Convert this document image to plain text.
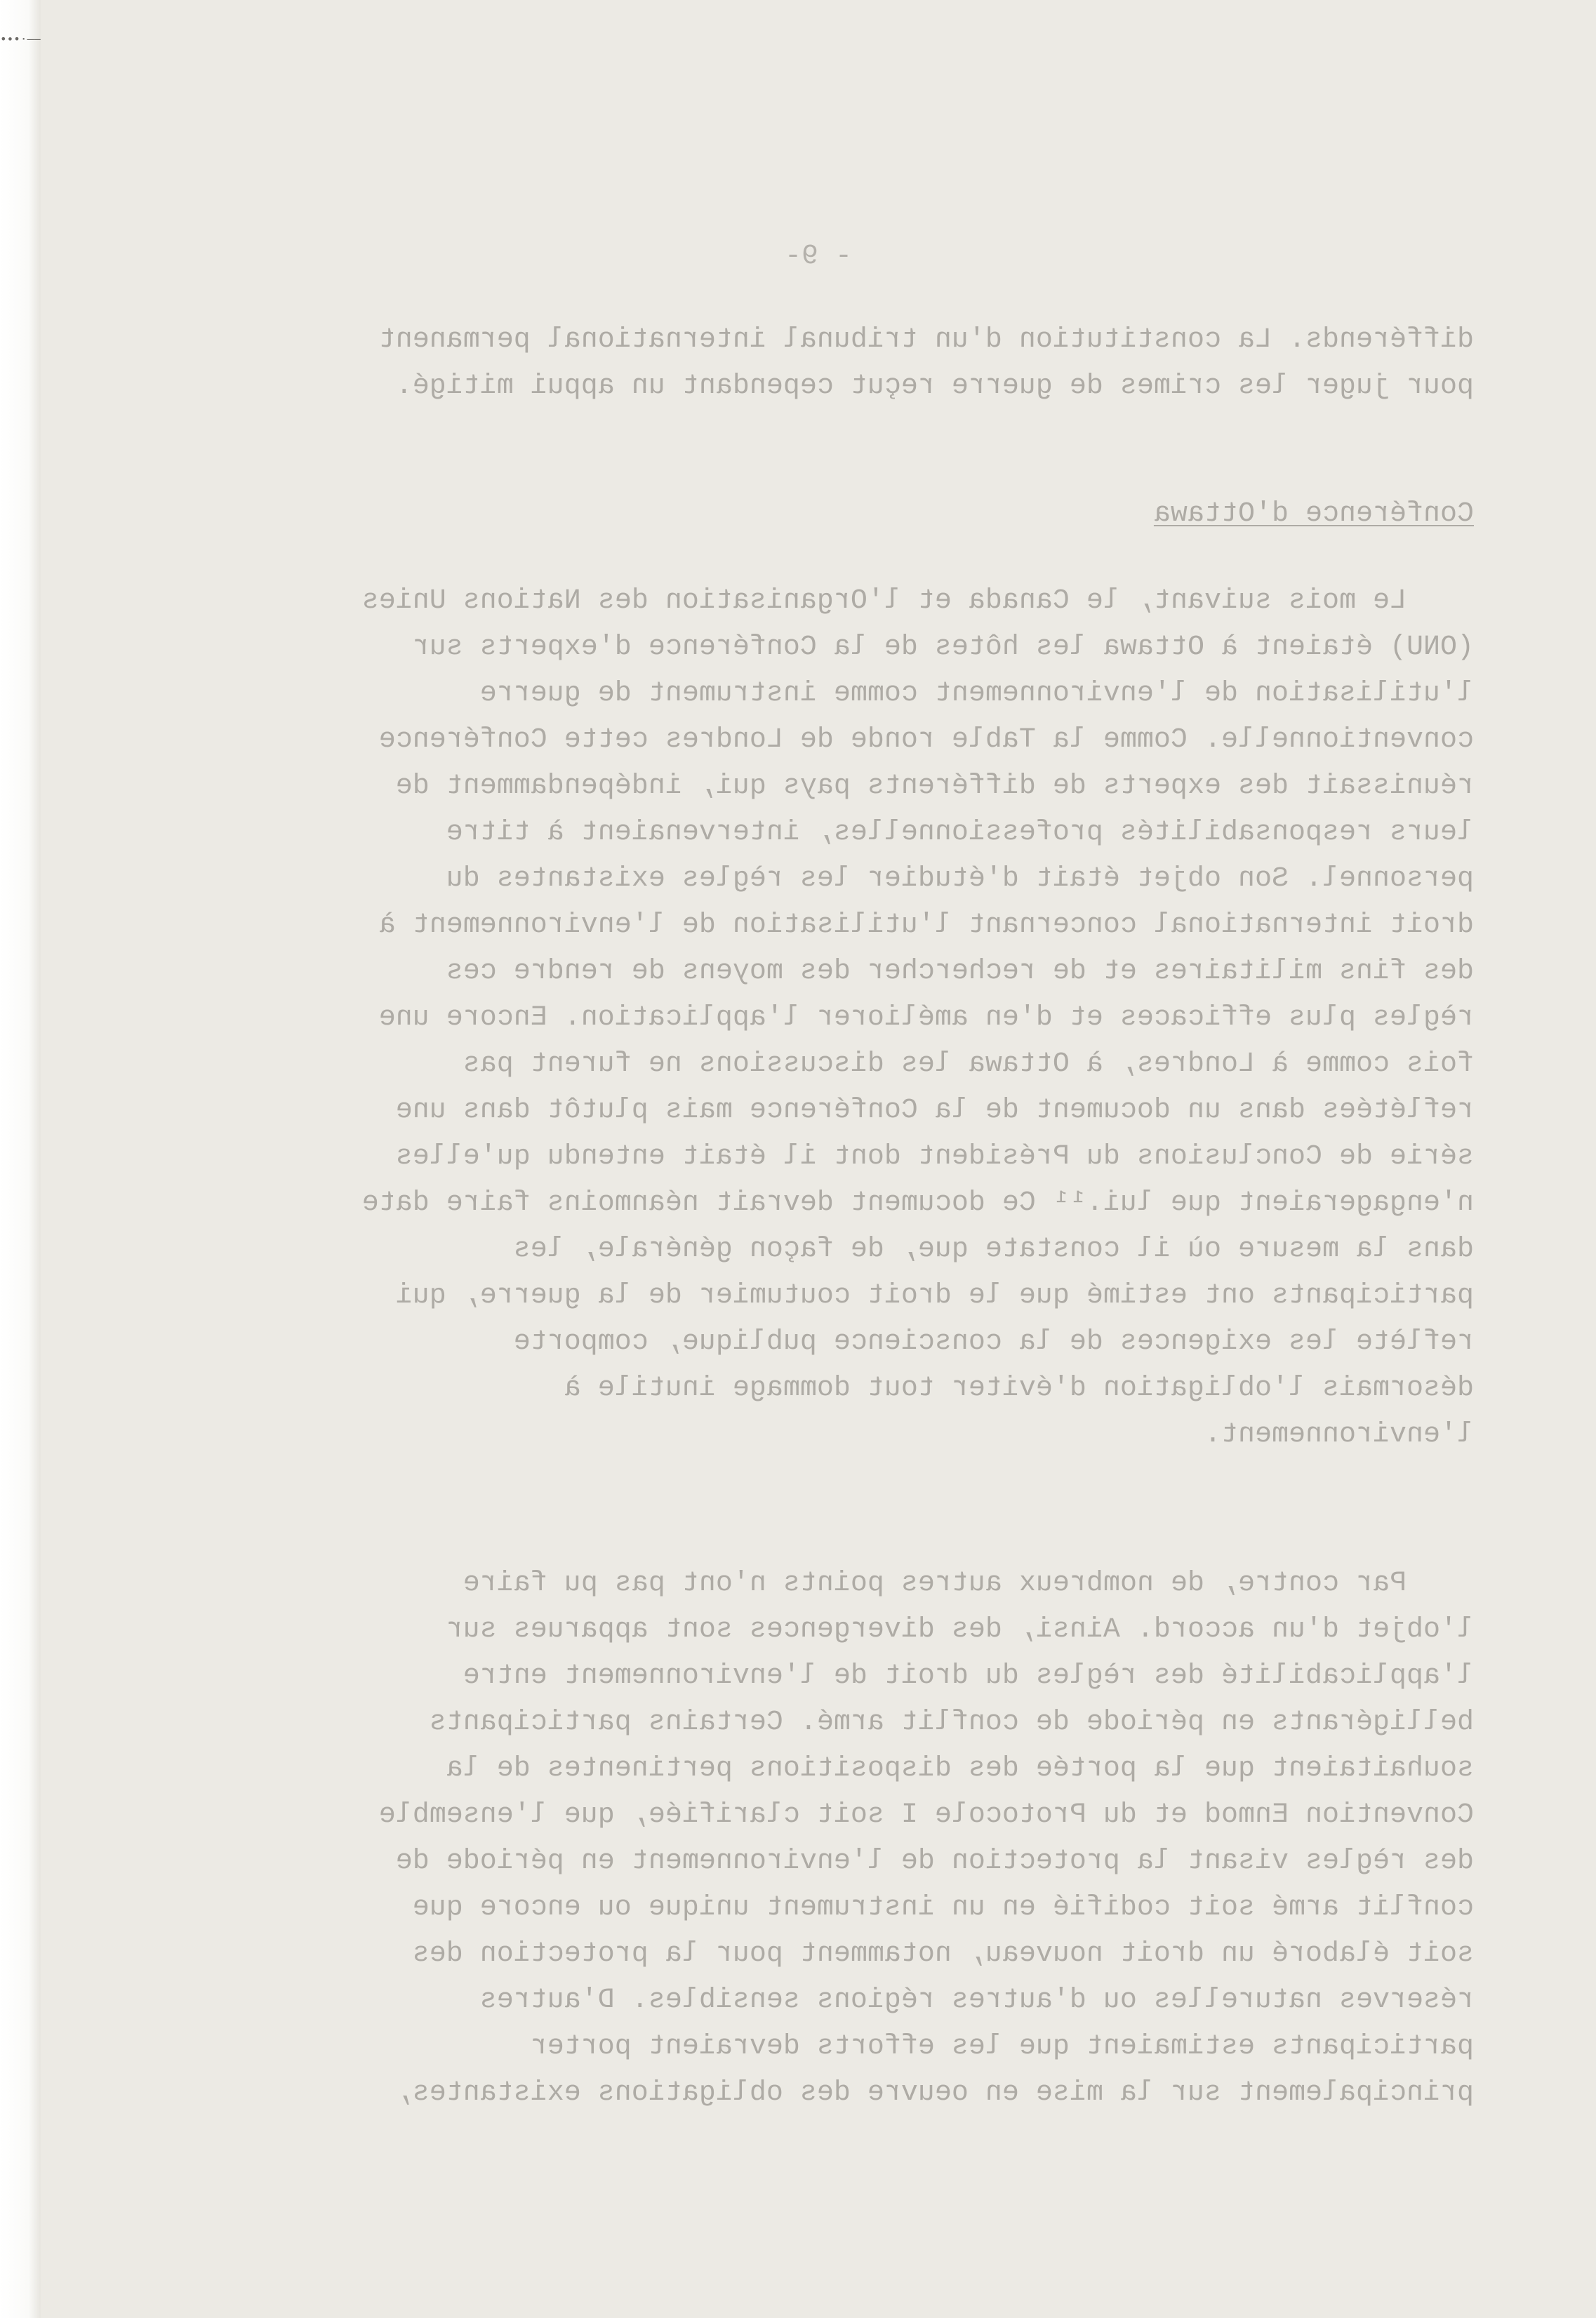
•∙•·‒‒
- 9-
différends. La constitution d'un tribunal international permanent
pour juger les crimes de guerre reçut cependant un appui mitigé.
Conférence d'Ottawa
Le mois suivant, le Canada et l'Organisation des Nations Unies
(ONU) étaient à Ottawa les hôtes de la Conférence d'experts sur
l'utilisation de l'environnement comme instrument de guerre
conventionnelle. Comme la Table ronde de Londres cette Conférence
réunissait des experts de différents pays qui, indépendamment de
leurs responsabilités professionnelles, intervenaient à titre
personnel. Son objet était d'étudier les règles existantes du
droit international concernant l'utilisation de l'environnement à
des fins militaires et de rechercher des moyens de rendre ces
règles plus efficaces et d'en améliorer l'application. Encore une
fois comme à Londres, à Ottawa les discussions ne furent pas
reflétées dans un document de la Conférence mais plutôt dans une
série de Conclusions du Président dont il était entendu qu'elles
n'engageraient que lui.¹¹ Ce document devrait néanmoins faire date
dans la mesure où il constate que, de façon générale, les
participants ont estimé que le droit coutumier de la guerre, qui
reflète les exigences de la conscience publique, comporte
désormais l'obligation d'éviter tout dommage inutile à
l'environnement.
Par contre, de nombreux autres points n'ont pas pu faire
l'objet d'un accord. Ainsi, des divergences sont apparues sur
l'applicabilité des règles du droit de l'environnement entre
belligérants en période de conflit armé. Certains participants
souhaitaient que la portée des dispositions pertinentes de la
Convention Enmod et du Protocole I soit clarifiée, que l'ensemble
des règles visant la protection de l'environnement en période de
conflit armé soit codifié en un instrument unique ou encore que
soit élaboré un droit nouveau, notamment pour la protection des
réserves naturelles ou d'autres régions sensibles. D'autres
participants estimaient que les efforts devraient porter
principalement sur la mise en oeuvre des obligations existantes,
